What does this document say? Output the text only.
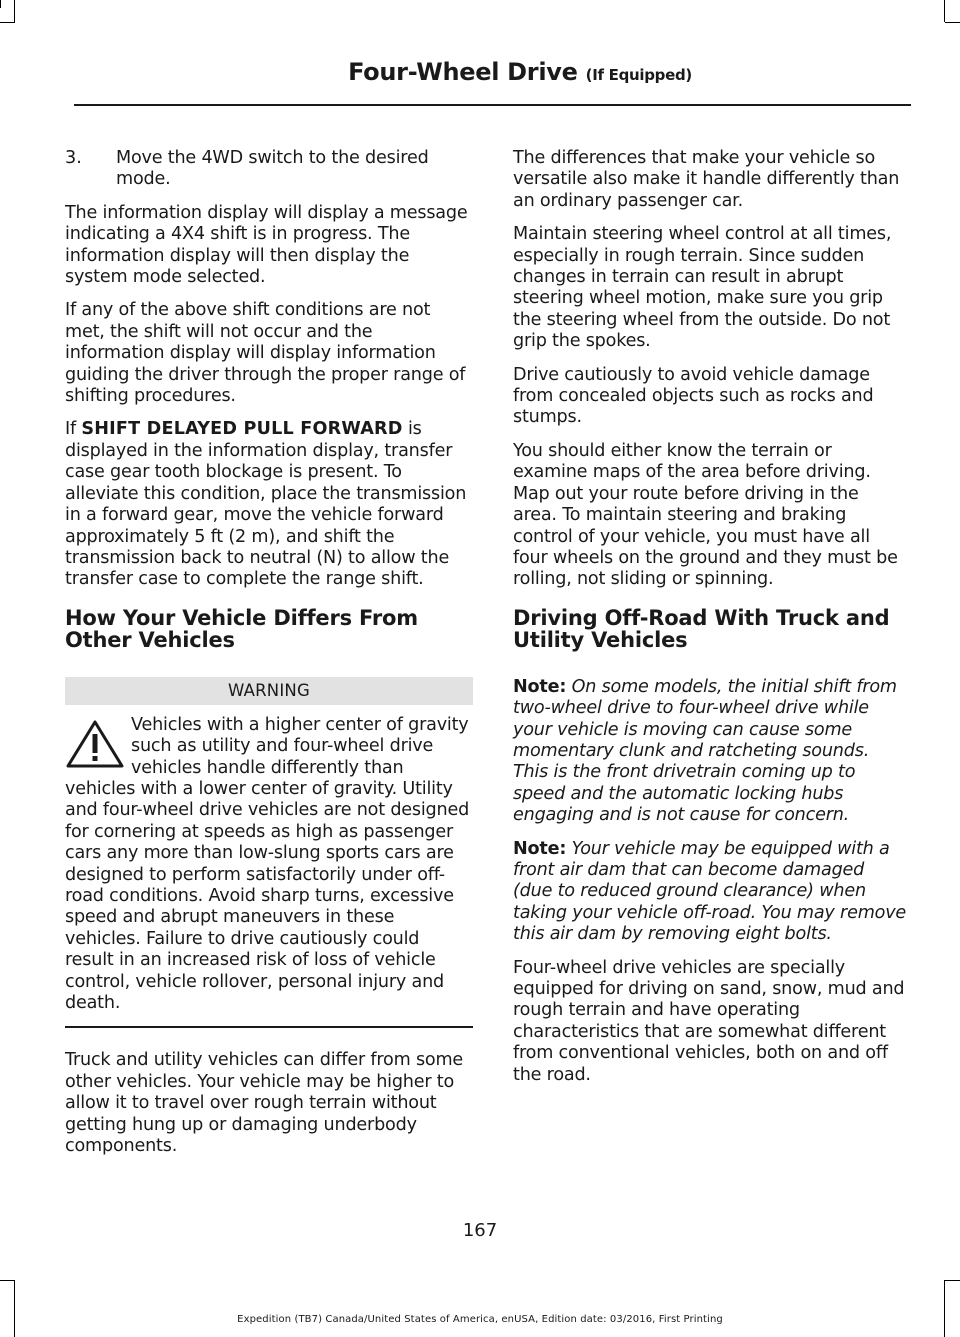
Four-Wheel Drive (If Equipped)
3.	Move the 4WD switch to the desired mode.

The information display will display a message indicating a 4X4 shift is in progress. The information display will then display the system mode selected.

If any of the above shift conditions are not met, the shift will not occur and the information display will display information guiding the driver through the proper range of shifting procedures.

If SHIFT DELAYED PULL FORWARD is displayed in the information display, transfer case gear tooth blockage is present. To alleviate this condition, place the transmission in a forward gear, move the vehicle forward approximately 5 ft (2 m), and shift the transmission back to neutral (N) to allow the transfer case to complete the range shift.

How Your Vehicle Differs From Other Vehicles
WARNING
Vehicles with a higher center of gravity such as utility and four-wheel drive vehicles handle differently than vehicles with a lower center of gravity. Utility and four-wheel drive vehicles are not designed for cornering at speeds as high as passenger cars any more than low-slung sports cars are designed to perform satisfactorily under off-road conditions. Avoid sharp turns, excessive speed and abrupt maneuvers in these vehicles. Failure to drive cautiously could result in an increased risk of loss of vehicle control, vehicle rollover, personal injury and death.

Truck and utility vehicles can differ from some other vehicles. Your vehicle may be higher to allow it to travel over rough terrain without getting hung up or damaging underbody components.

The differences that make your vehicle so versatile also make it handle differently than an ordinary passenger car.

Maintain steering wheel control at all times, especially in rough terrain. Since sudden changes in terrain can result in abrupt steering wheel motion, make sure you grip the steering wheel from the outside. Do not grip the spokes.

Drive cautiously to avoid vehicle damage from concealed objects such as rocks and stumps.

You should either know the terrain or examine maps of the area before driving. Map out your route before driving in the area. To maintain steering and braking control of your vehicle, you must have all four wheels on the ground and they must be rolling, not sliding or spinning.

Driving Off-Road With Truck and Utility Vehicles

Note: On some models, the initial shift from two-wheel drive to four-wheel drive while your vehicle is moving can cause some momentary clunk and ratcheting sounds. This is the front drivetrain coming up to speed and the automatic locking hubs engaging and is not cause for concern.

Note: Your vehicle may be equipped with a front air dam that can become damaged (due to reduced ground clearance) when taking your vehicle off-road. You may remove this air dam by removing eight bolts.

Four-wheel drive vehicles are specially equipped for driving on sand, snow, mud and rough terrain and have operating characteristics that are somewhat different from conventional vehicles, both on and off the road.

167
Expedition (TB7) Canada/United States of America, enUSA, Edition date: 03/2016, First Printing
